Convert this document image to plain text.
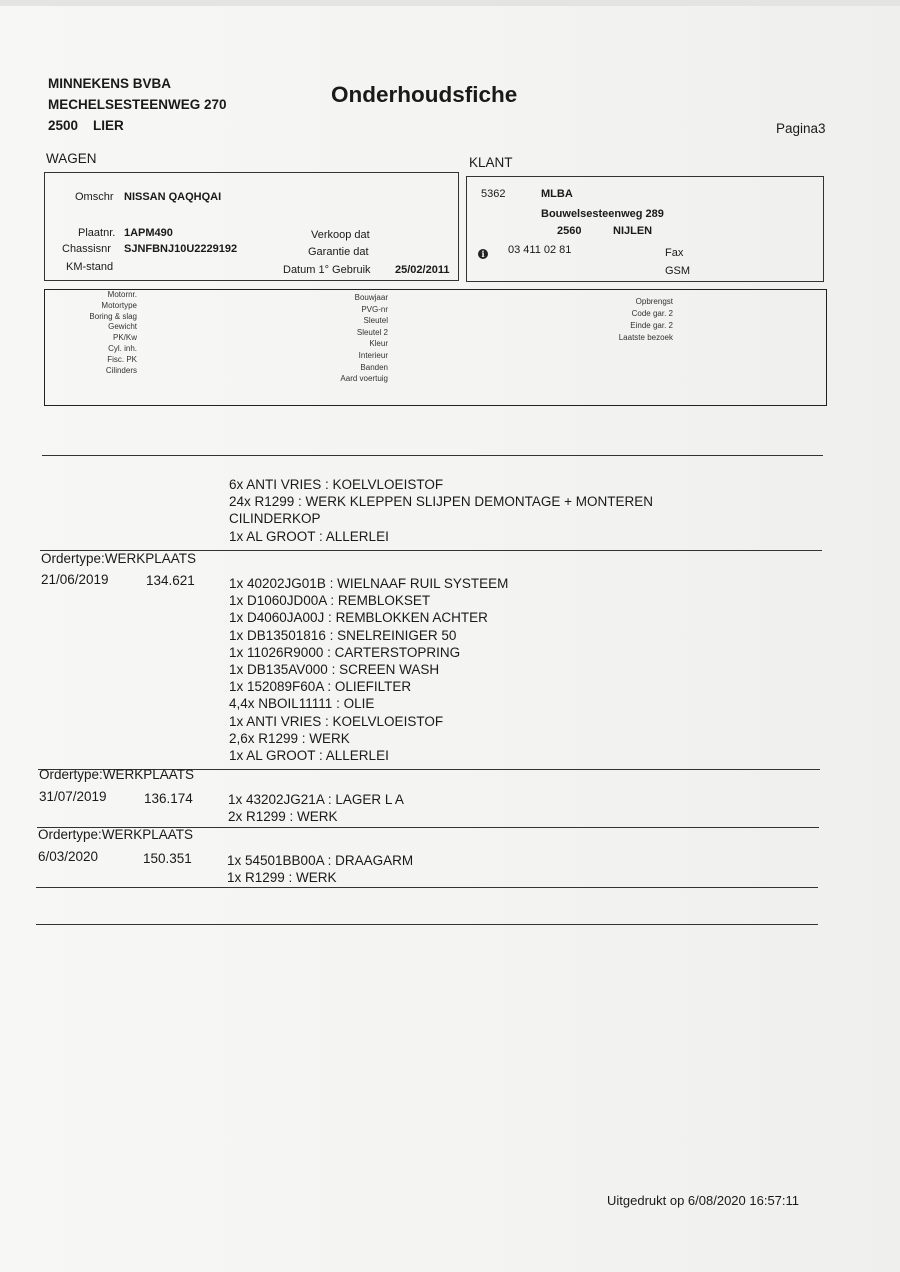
MINNEKENS BVBA
MECHELSESTEENWEG 270
2500    LIER
Onderhoudsfiche
Pagina3
WAGEN
Omschr NISSAN QAQHQAI
Plaatnr. 1APM490
Chassisnr SJNFBNJ10U2229192
KM-stand
Verkoop dat
Garantie dat
Datum 1° Gebruik 25/02/2011
KLANT
5362	MLBA
Bouwelsesteenweg 289
2560	NIJLEN
i	03 411 02 81	Fax
GSM
Motornr.
Motortype
Boring & slag
Gewicht
PK/Kw
Cyl. inh.
Fisc. PK
Cilinders
Bouwjaar
PVG-nr
Sleutel
Sleutel 2
Kleur
Interieur
Banden
Aard voertuig
Opbrengst
Code gar. 2
Einde gar. 2
Laatste bezoek
6x ANTI VRIES : KOELVLOEISTOF
24x R1299 : WERK KLEPPEN SLIJPEN DEMONTAGE + MONTEREN
CILINDERKOP
1x AL GROOT : ALLERLEI
Ordertype:WERKPLAATS
21/06/2019	134.621	1x 40202JG01B : WIELNAAF RUIL SYSTEEM
1x D1060JD00A : REMBLOKSET
1x D4060JA00J : REMBLOKKEN ACHTER
1x DB13501816 : SNELREINIGER 50
1x 11026R9000 : CARTERSTOPRING
1x DB135AV000 : SCREEN WASH
1x 152089F60A : OLIEFILTER
4,4x NBOIL11111 : OLIE
1x ANTI VRIES : KOELVLOEISTOF
2,6x R1299 : WERK
1x AL GROOT : ALLERLEI
Ordertype:WERKPLAATS
31/07/2019	136.174	1x 43202JG21A : LAGER L A
2x R1299 : WERK
Ordertype:WERKPLAATS
6/03/2020	150.351	1x 54501BB00A : DRAAGARM
1x R1299 : WERK
Uitgedrukt op 6/08/2020 16:57:11
